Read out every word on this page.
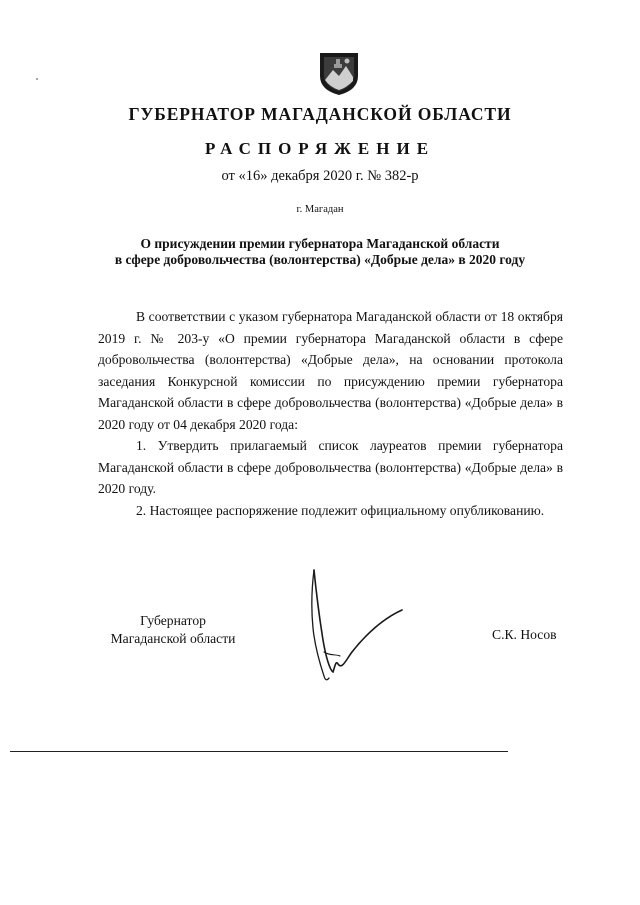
ГУБЕРНАТОР МАГАДАНСКОЙ ОБЛАСТИ
РАСПОРЯЖЕНИЕ
от «16» декабря 2020 г. № 382-р
г. Магадан
О присуждении премии губернатора Магаданской области
в сфере добровольчества (волонтерства) «Добрые дела» в 2020 году

В соответствии с указом губернатора Магаданской области от 18 октября 2019 г. № 203-у «О премии губернатора Магаданской области в сфере добровольчества (волонтерства) «Добрые дела», на основании протокола заседания Конкурсной комиссии по присуждению премии губернатора Магаданской области в сфере добровольчества (волонтерства) «Добрые дела» в 2020 году от 04 декабря 2020 года:

1. Утвердить прилагаемый список лауреатов премии губернатора Магаданской области в сфере добровольчества (волонтерства) «Добрые дела» в 2020 году.

2. Настоящее распоряжение подлежит официальному опубликованию.

Губернатор
Магаданской области	С.К. Носов
